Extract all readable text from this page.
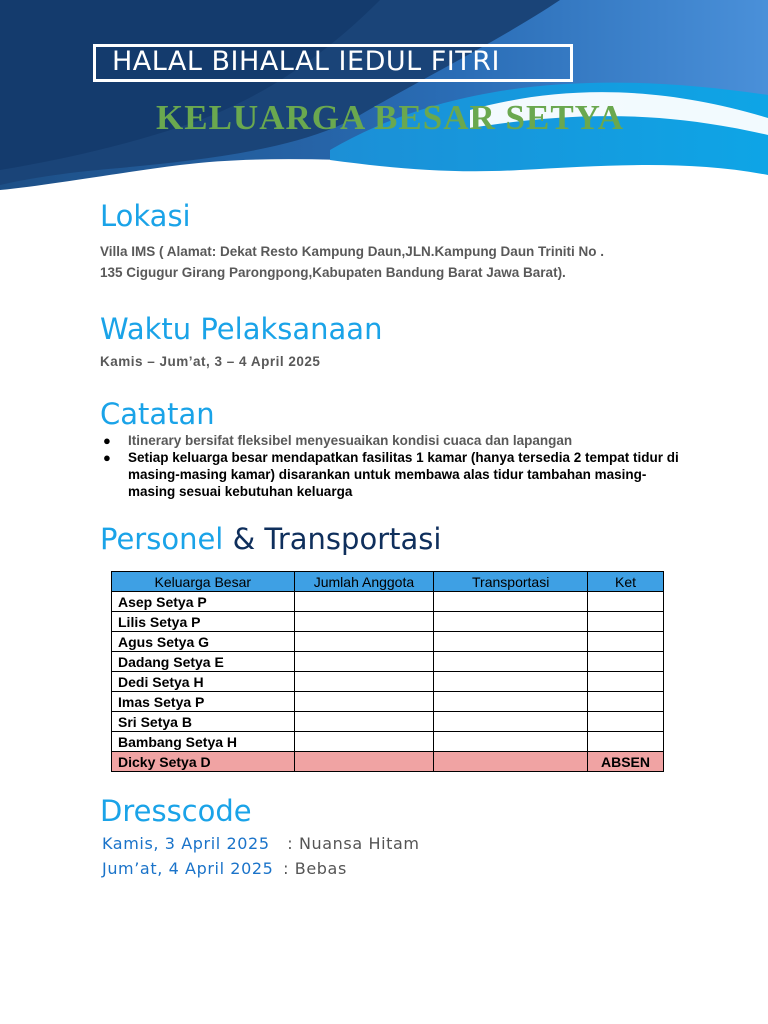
HALAL BIHALAL IEDUL FITRI
KELUARGA BESAR SETYA
Lokasi
Villa IMS ( Alamat: Dekat Resto Kampung Daun,JLN.Kampung Daun Triniti No .
135 Cigugur Girang Parongpong,Kabupaten Bandung Barat Jawa Barat).
Waktu Pelaksanaan
Kamis – Jum’at, 3 – 4 April 2025
Catatan
● Itinerary bersifat fleksibel menyesuaikan kondisi cuaca dan lapangan
● Setiap keluarga besar mendapatkan fasilitas 1 kamar (hanya tersedia 2 tempat tidur di masing-masing kamar) disarankan untuk membawa alas tidur tambahan masing-masing sesuai kebutuhan keluarga
Personel & Transportasi
Keluarga Besar	Jumlah Anggota	Transportasi	Ket
Asep Setya P			
Lilis Setya P			
Agus Setya G			
Dadang Setya E			
Dedi Setya H			
Imas Setya P			
Sri Setya B			
Bambang Setya H			
Dicky Setya D			ABSEN
Dresscode
Kamis, 3 April 2025 : Nuansa Hitam
Jum’at, 4 April 2025 : Bebas
